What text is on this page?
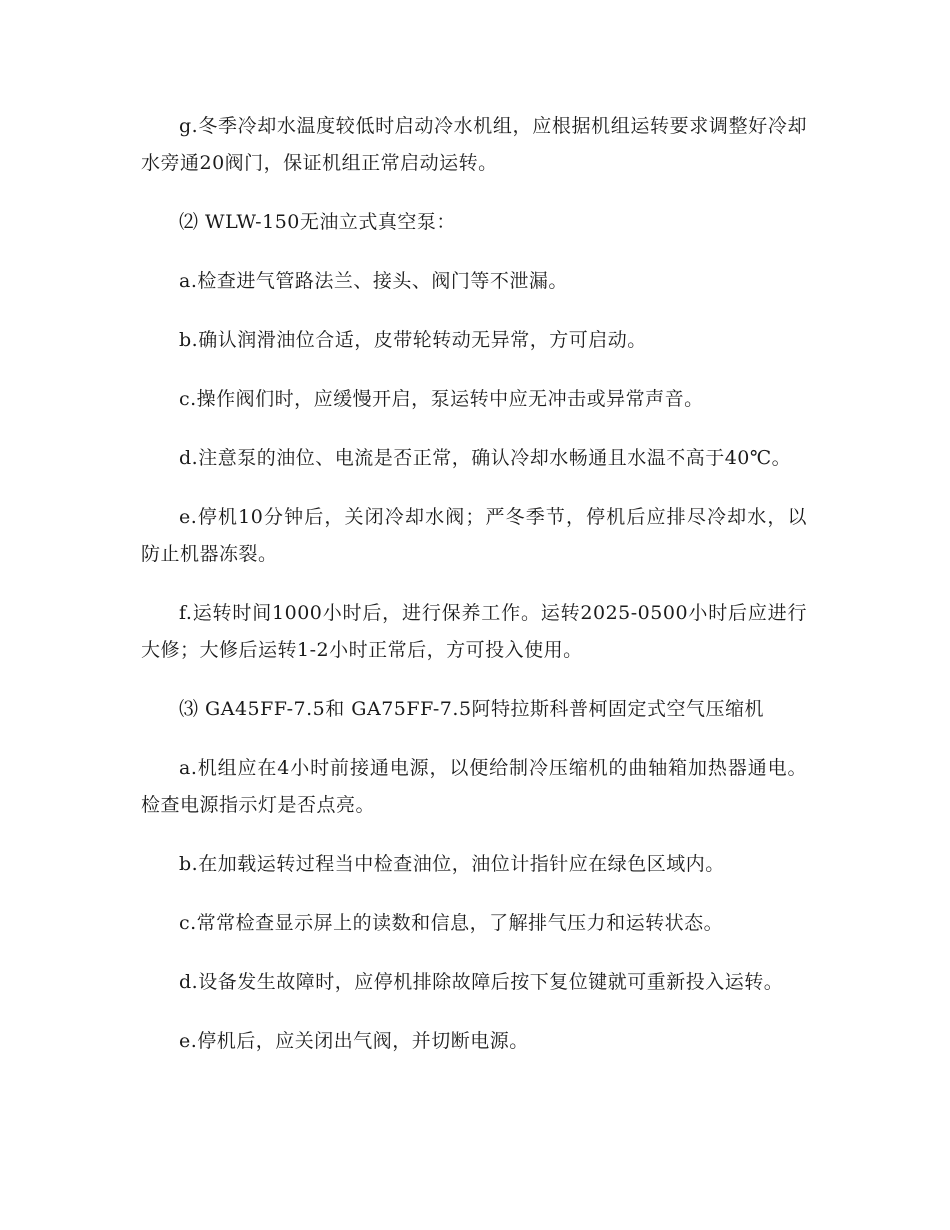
g.冬季冷却水温度较低时启动冷水机组，应根据机组运转要求调整好冷却水旁通20阀门，保证机组正常启动运转。

⑵ WLW-150无油立式真空泵：

a.检查进气管路法兰、接头、阀门等不泄漏。

b.确认润滑油位合适，皮带轮转动无异常，方可启动。

c.操作阀们时，应缓慢开启，泵运转中应无冲击或异常声音。

d.注意泵的油位、电流是否正常，确认冷却水畅通且水温不高于40℃。

e.停机10分钟后，关闭冷却水阀；严冬季节，停机后应排尽冷却水，以防止机器冻裂。

f.运转时间1000小时后，进行保养工作。运转2025-0500小时后应进行大修；大修后运转1-2小时正常后，方可投入使用。

⑶ GA45FF-7.5和 GA75FF-7.5阿特拉斯科普柯固定式空气压缩机

a.机组应在4小时前接通电源，以便给制冷压缩机的曲轴箱加热器通电。检查电源指示灯是否点亮。

b.在加载运转过程当中检查油位，油位计指针应在绿色区域内。

c.常常检查显示屏上的读数和信息，了解排气压力和运转状态。

d.设备发生故障时，应停机排除故障后按下复位键就可重新投入运转。

e.停机后，应关闭出气阀，并切断电源。
